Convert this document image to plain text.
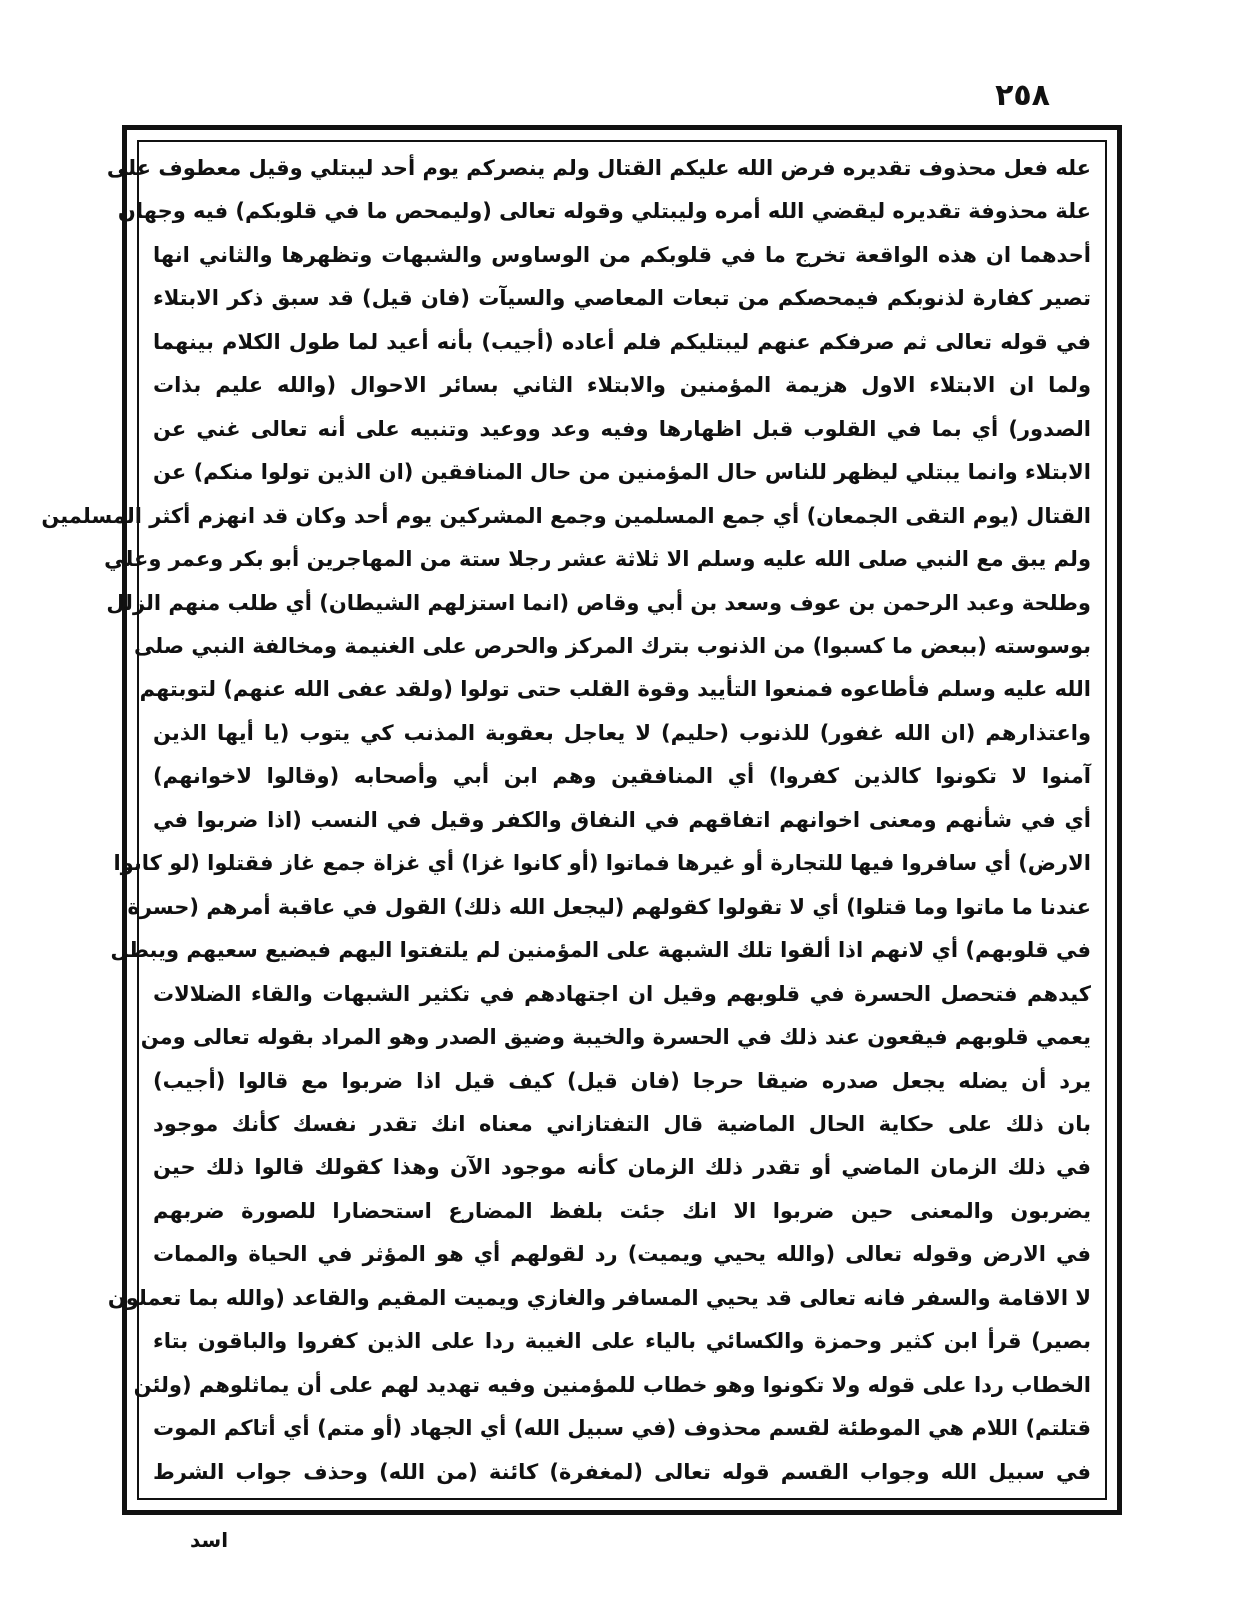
٢٥٨
عله فعل محذوف تقديره فرض الله عليكم القتال ولم ينصركم يوم أحد ليبتلي وقيل معطوف على
علة محذوفة تقديره ليقضي الله أمره وليبتلي وقوله تعالى (وليمحص ما في قلوبكم) فيه وجهان
أحدهما ان هذه الواقعة تخرج ما في قلوبكم من الوساوس والشبهات وتظهرها والثاني انها
تصير كفارة لذنوبكم فيمحصكم من تبعات المعاصي والسيآت (فان قيل) قد سبق ذكر الابتلاء
في قوله تعالى ثم صرفكم عنهم ليبتليكم فلم أعاده (أجيب) بأنه أعيد لما طول الكلام بينهما
ولما ان الابتلاء الاول هزيمة المؤمنين والابتلاء الثاني بسائر الاحوال (والله عليم بذات
الصدور) أي بما في القلوب قبل اظهارها وفيه وعد ووعيد وتنبيه على أنه تعالى غني عن
الابتلاء وانما يبتلي ليظهر للناس حال المؤمنين من حال المنافقين (ان الذين تولوا منكم) عن
القتال (يوم التقى الجمعان) أي جمع المسلمين وجمع المشركين يوم أحد وكان قد انهزم أكثر المسلمين
ولم يبق مع النبي صلى الله عليه وسلم الا ثلاثة عشر رجلا ستة من المهاجرين أبو بكر وعمر وعلي
وطلحة وعبد الرحمن بن عوف وسعد بن أبي وقاص (انما استزلهم الشيطان) أي طلب منهم الزلل
بوسوسته (ببعض ما كسبوا) من الذنوب بترك المركز والحرص على الغنيمة ومخالفة النبي صلى
الله عليه وسلم فأطاعوه فمنعوا التأييد وقوة القلب حتى تولوا (ولقد عفى الله عنهم) لتوبتهم
واعتذارهم (ان الله غفور) للذنوب (حليم) لا يعاجل بعقوبة المذنب كي يتوب (يا أيها الذين
آمنوا لا تكونوا كالذين كفروا) أي المنافقين وهم ابن أبي وأصحابه (وقالوا لاخوانهم)
أي في شأنهم ومعنى اخوانهم اتفاقهم في النفاق والكفر وقيل في النسب (اذا ضربوا في
الارض) أي سافروا فيها للتجارة أو غيرها فماتوا (أو كانوا غزا) أي غزاة جمع غاز فقتلوا (لو كانوا
عندنا ما ماتوا وما قتلوا) أي لا تقولوا كقولهم (ليجعل الله ذلك) القول في عاقبة أمرهم (حسرة
في قلوبهم) أي لانهم اذا ألقوا تلك الشبهة على المؤمنين لم يلتفتوا اليهم فيضيع سعيهم ويبطل
كيدهم فتحصل الحسرة في قلوبهم وقيل ان اجتهادهم في تكثير الشبهات والقاء الضلالات
يعمي قلوبهم فيقعون عند ذلك في الحسرة والخيبة وضيق الصدر وهو المراد بقوله تعالى ومن
يرد أن يضله يجعل صدره ضيقا حرجا (فان قيل) كيف قيل اذا ضربوا مع قالوا (أجيب)
بان ذلك على حكاية الحال الماضية قال التفتازاني معناه انك تقدر نفسك كأنك موجود
في ذلك الزمان الماضي أو تقدر ذلك الزمان كأنه موجود الآن وهذا كقولك قالوا ذلك حين
يضربون والمعنى حين ضربوا الا انك جئت بلفظ المضارع استحضارا للصورة ضربهم
في الارض وقوله تعالى (والله يحيي ويميت) رد لقولهم أي هو المؤثر في الحياة والممات
لا الاقامة والسفر فانه تعالى قد يحيي المسافر والغازي ويميت المقيم والقاعد (والله بما تعملون
بصير) قرأ ابن كثير وحمزة والكسائي بالياء على الغيبة ردا على الذين كفروا والباقون بتاء
الخطاب ردا على قوله ولا تكونوا وهو خطاب للمؤمنين وفيه تهديد لهم على أن يماثلوهم (ولئن
قتلتم) اللام هي الموطئة لقسم محذوف (في سبيل الله) أي الجهاد (أو متم) أي أتاكم الموت
في سبيل الله وجواب القسم قوله تعالى (لمغفرة) كائنة (من الله) وحذف جواب الشرط
اسد
